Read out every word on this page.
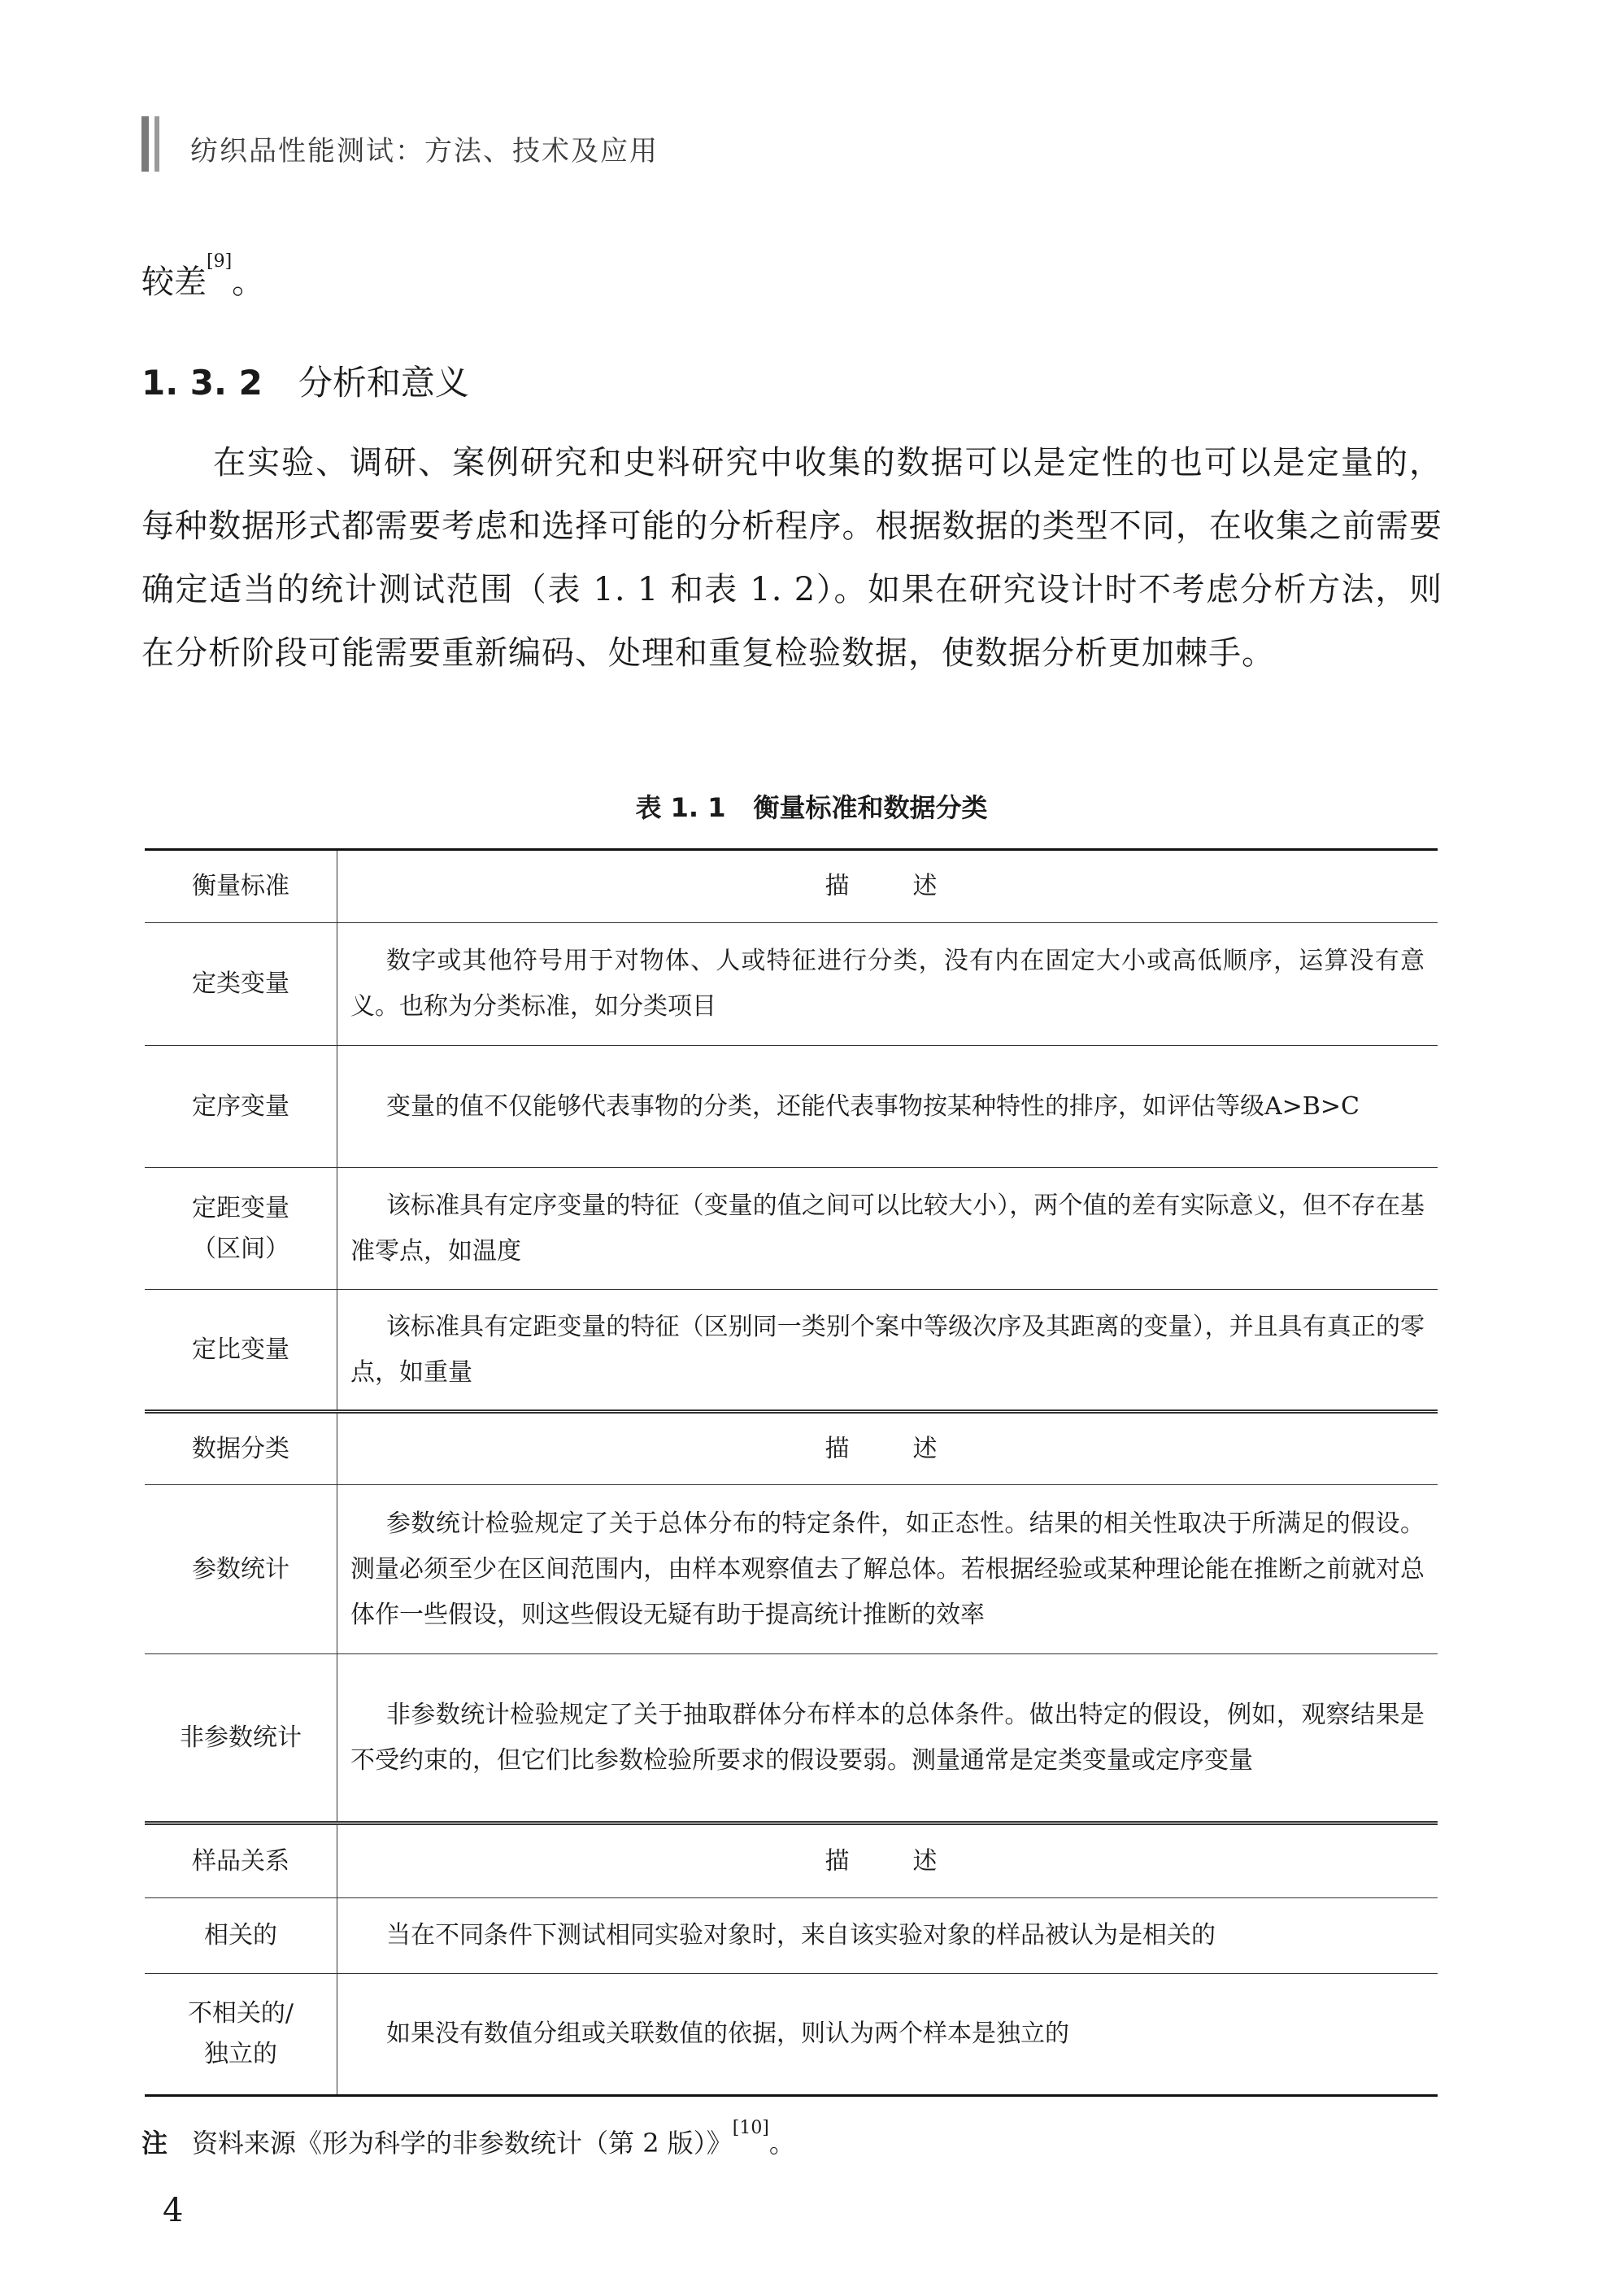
纺织品性能测试：方法、技术及应用
较差[9]。
1. 3. 2 分析和意义

在实验、调研、案例研究和史料研究中收集的数据可以是定性的也可以是定量的，每种数据形式都需要考虑和选择可能的分析程序。根据数据的类型不同，在收集之前需要确定适当的统计测试范围（表 1. 1 和表 1. 2）。如果在研究设计时不考虑分析方法，则在分析阶段可能需要重新编码、处理和重复检验数据，使数据分析更加棘手。

表 1. 1 衡量标准和数据分类
衡量标准	描述
定类变量	数字或其他符号用于对物体、人或特征进行分类，没有内在固定大小或高低顺序，运算没有意义。也称为分类标准，如分类项目

定序变量	变量的值不仅能够代表事物的分类，还能代表事物按某种特性的排序，如评估等级A>B>C

定距变量
（区间）	该标准具有定序变量的特征（变量的值之间可以比较大小），两个值的差有实际意义，但不存在基准零点，如温度

定比变量	该标准具有定距变量的特征（区别同一类别个案中等级次序及其距离的变量），并且具有真正的零点，如重量

数据分类	描述
参数统计	参数统计检验规定了关于总体分布的特定条件，如正态性。结果的相关性取决于所满足的假设。测量必须至少在区间范围内，由样本观察值去了解总体。若根据经验或某种理论能在推断之前就对总体作一些假设，则这些假设无疑有助于提高统计推断的效率

非参数统计	非参数统计检验规定了关于抽取群体分布样本的总体条件。做出特定的假设，例如，观察结果是不受约束的，但它们比参数检验所要求的假设要弱。测量通常是定类变量或定序变量

样品关系	描述
相关的	当在不同条件下测试相同实验对象时，来自该实验对象的样品被认为是相关的

不相关的/
独立的	如果没有数值分组或关联数值的依据，则认为两个样本是独立的
注 资料来源《形为科学的非参数统计（第 2 版）》[10]。
4
